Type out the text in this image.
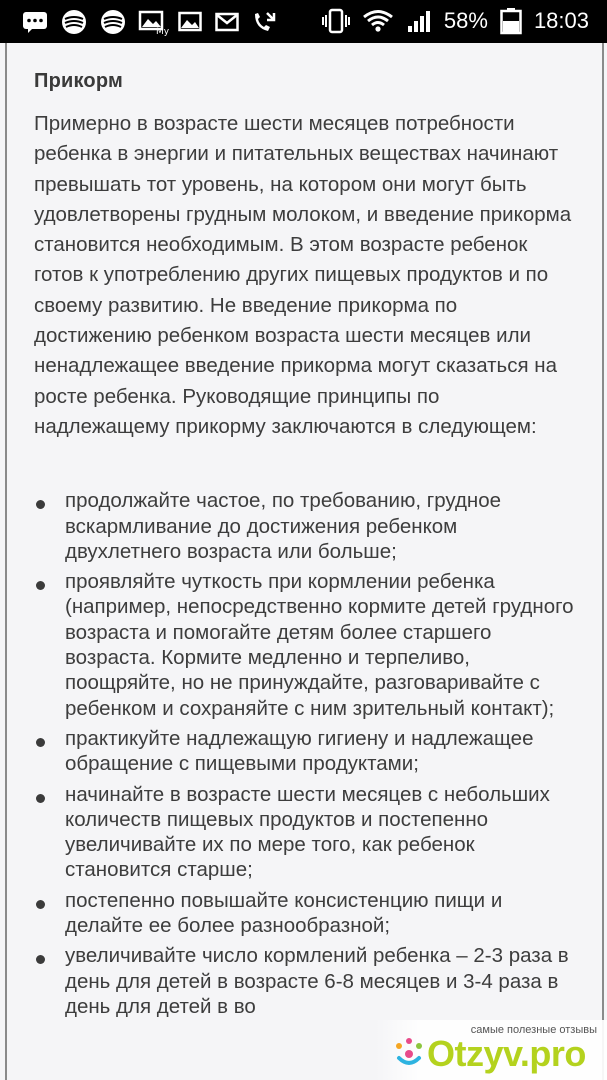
My	58% 18:03
Прикорм

Примерно в возрасте шести месяцев потребности ребенка в энергии и питательных веществах начинают превышать тот уровень, на котором они могут быть удовлетворены грудным молоком, и введение прикорма становится необходимым. В этом возрасте ребенок готов к употреблению других пищевых продуктов и по своему развитию. Не введение прикорма по достижению ребенком возраста шести месяцев или ненадлежащее введение прикорма могут сказаться на росте ребенка. Руководящие принципы по надлежащему прикорму заключаются в следующем:

продолжайте частое, по требованию, грудное вскармливание до достижения ребенком двухлетнего возраста или больше;
проявляйте чуткость при кормлении ребенка (например, непосредственно кормите детей грудного возраста и помогайте детям более старшего возраста. Кормите медленно и терпеливо, поощряйте, но не принуждайте, разговаривайте с ребенком и сохраняйте с ним зрительный контакт);
практикуйте надлежащую гигиену и надлежащее обращение с пищевыми продуктами;
начинайте в возрасте шести месяцев с небольших количеств пищевых продуктов и постепенно увеличивайте их по мере того, как ребенок становится старше;
постепенно повышайте консистенцию пищи и делайте ее более разнообразной;
увеличивайте число кормлений ребенка – 2-3 раза в день для детей в возрасте 6-8 месяцев и 3-4 раза в день для детей в во
самые полезные отзывы
Otzyv.pro
